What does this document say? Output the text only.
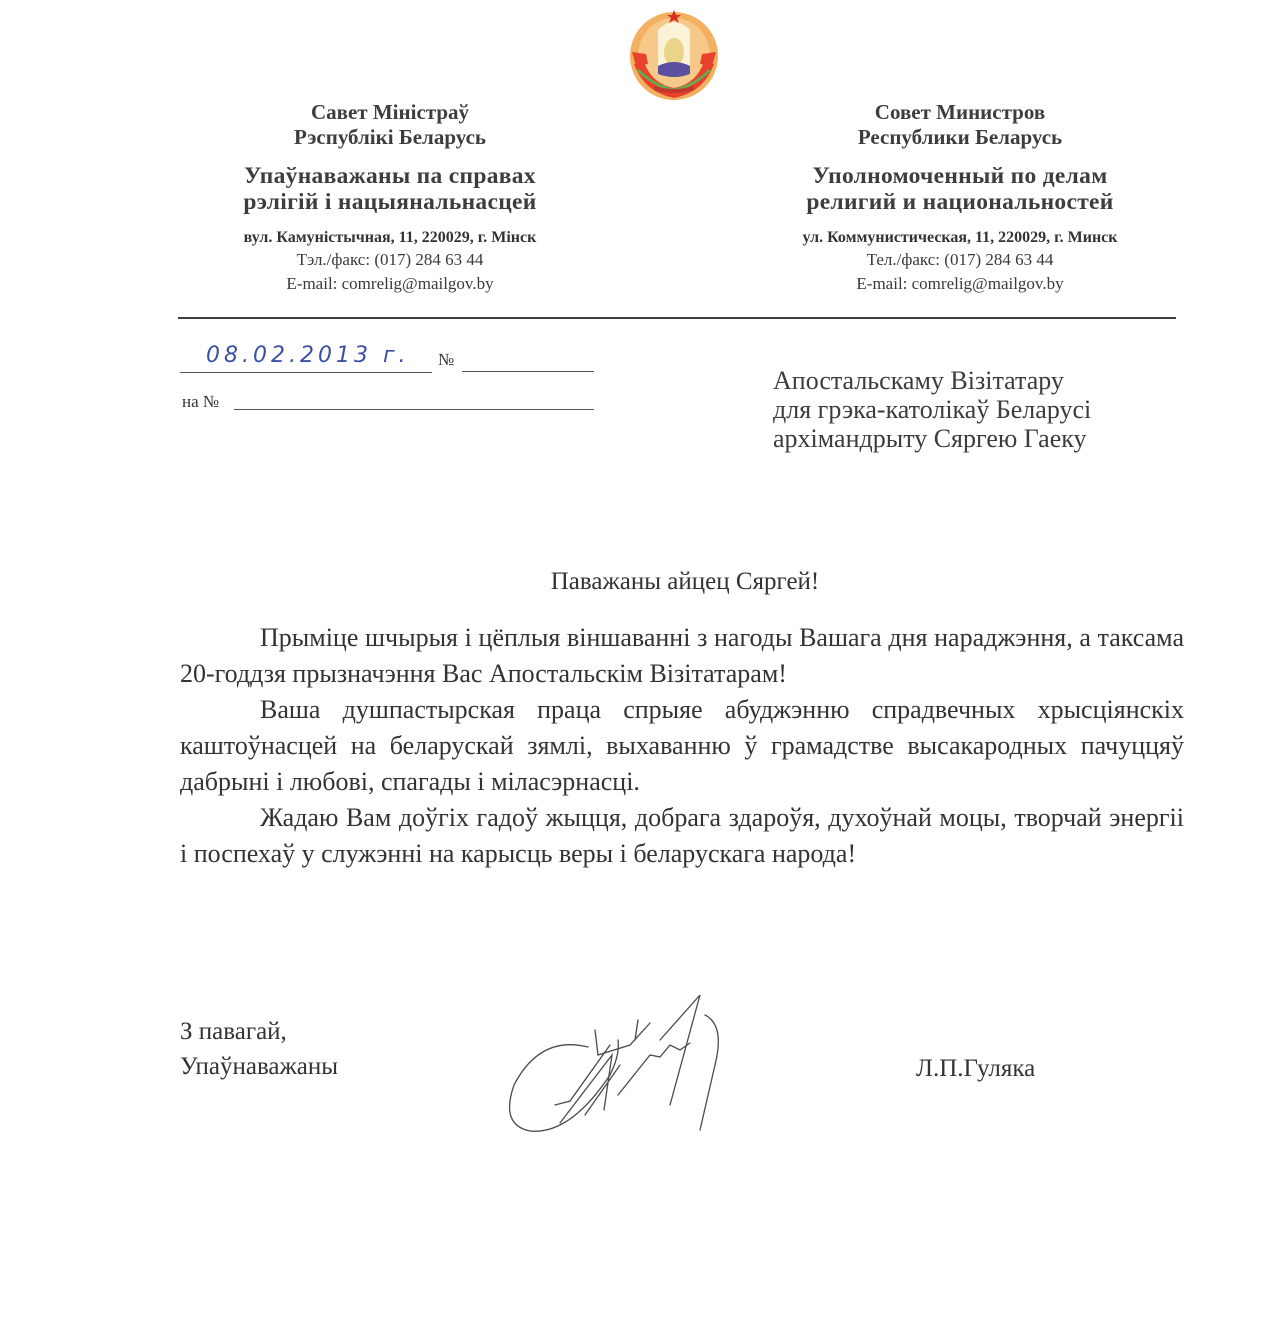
Савет Міністраў
Рэспублікі Беларусь
Упаўнаважаны па справах
рэлігій і нацыянальнасцей
вул. Камуністычная, 11, 220029, г. Мінск
Тэл./факс: (017) 284 63 44
E-mail: comrelig@mailgov.by
Совет Министров
Республики Беларусь
Уполномоченный по делам
религий и национальностей
ул. Коммунистическая, 11, 220029, г. Минск
Тел./факс: (017) 284 63 44
E-mail: comrelig@mailgov.by
08.02.2013 г. №
на №
Апостальскаму Візітатару
для грэка-католікаў Беларусі
архімандрыту Сяргею Гаеку
Паважаны айцец Сяргей!

Прыміце шчырыя і цёплыя віншаванні з нагоды Вашага дня нараджэння, а таксама 20-годдзя прызначэння Вас Апостальскім Візітатарам!

Ваша душпастырская праца спрыяе абуджэнню спрадвечных хрысціянскіх каштоўнасцей на беларускай зямлі, выхаванню ў грамадстве высакародных пачуццяў дабрыні і любові, спагады і міласэрнасці.

Жадаю Вам доўгіх гадоў жыцця, добрага здароўя, духоўнай моцы, творчай энергіі і поспехаў у служэнні на карысць веры і беларускага народа!

З павагай,
Упаўнаважаны	Л.П.Гуляка
